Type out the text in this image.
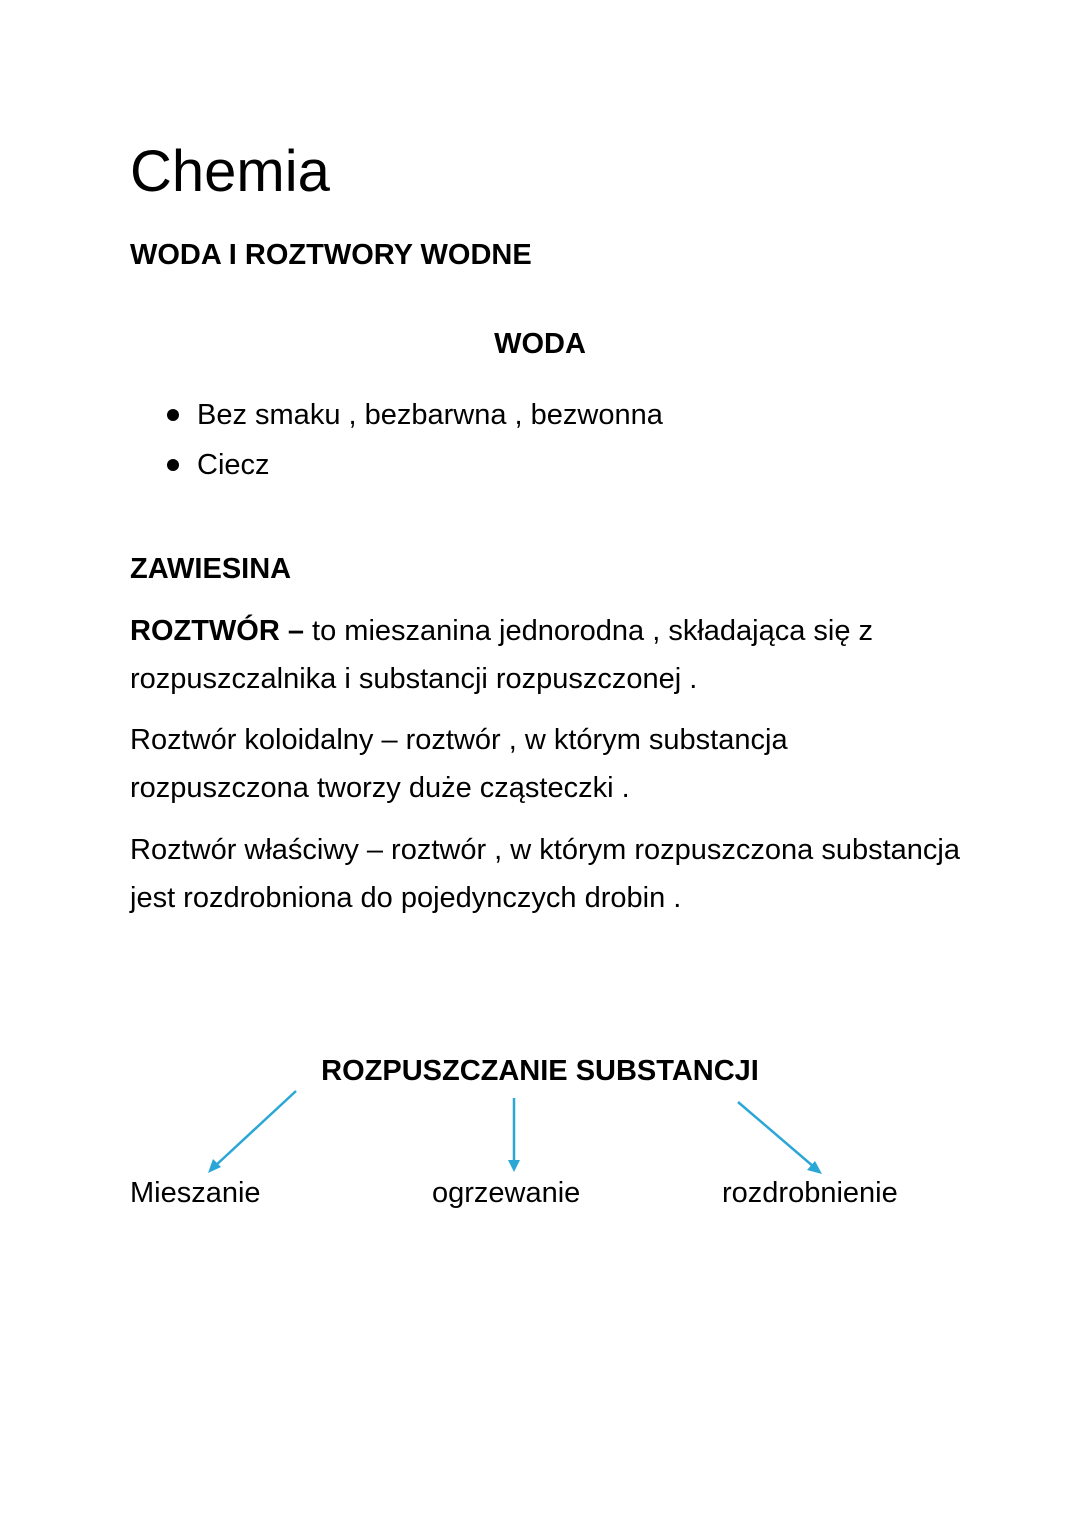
Chemia
WODA I ROZTWORY WODNE
WODA
Bez smaku , bezbarwna , bezwonna
Ciecz
ZAWIESINA

ROZTWÓR – to mieszanina jednorodna , składająca się z rozpuszczalnika i substancji rozpuszczonej .

Roztwór koloidalny – roztwór , w którym substancja rozpuszczona tworzy duże cząsteczki .

Roztwór właściwy – roztwór , w którym rozpuszczona substancja jest rozdrobniona do pojedynczych drobin .

ROZPUSZCZANIE SUBSTANCJI
Mieszanie	ogrzewanie	rozdrobnienie
